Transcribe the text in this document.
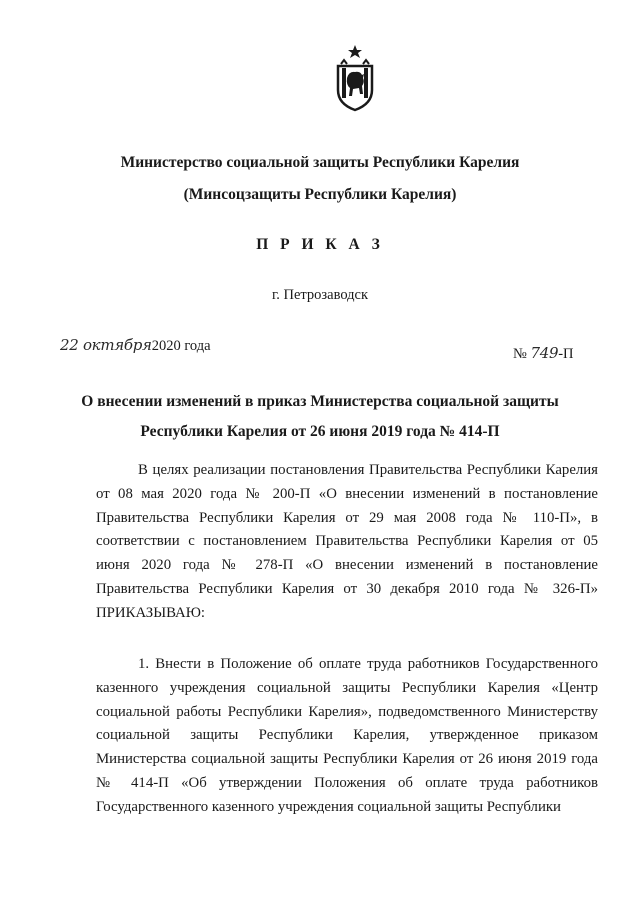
Министерство социальной защиты Республики Карелия
(Минсоцзащиты Республики Карелия)
П Р И К А З
г. Петрозаводск
22 октября2020 года	№ 749-П
О внесении изменений в приказ Министерства социальной защиты
Республики Карелия от 26 июня 2019 года № 414-П
В целях реализации постановления Правительства Республики Карелия от 08 мая 2020 года № 200-П «О внесении изменений в постановление Правительства Республики Карелия от 29 мая 2008 года № 110-П», в соответствии с постановлением Правительства Республики Карелия от 05 июня 2020 года № 278-П «О внесении изменений в постановление Правительства Республики Карелия от 30 декабря 2010 года № 326-П» ПРИКАЗЫВАЮ:
1. Внести в Положение об оплате труда работников Государственного казенного учреждения социальной защиты Республики Карелия «Центр социальной работы Республики Карелия», подведомственного Министерству социальной защиты Республики Карелия, утвержденное приказом Министерства социальной защиты Республики Карелия от 26 июня 2019 года № 414-П «Об утверждении Положения об оплате труда работников Государственного казенного учреждения социальной защиты Республики
